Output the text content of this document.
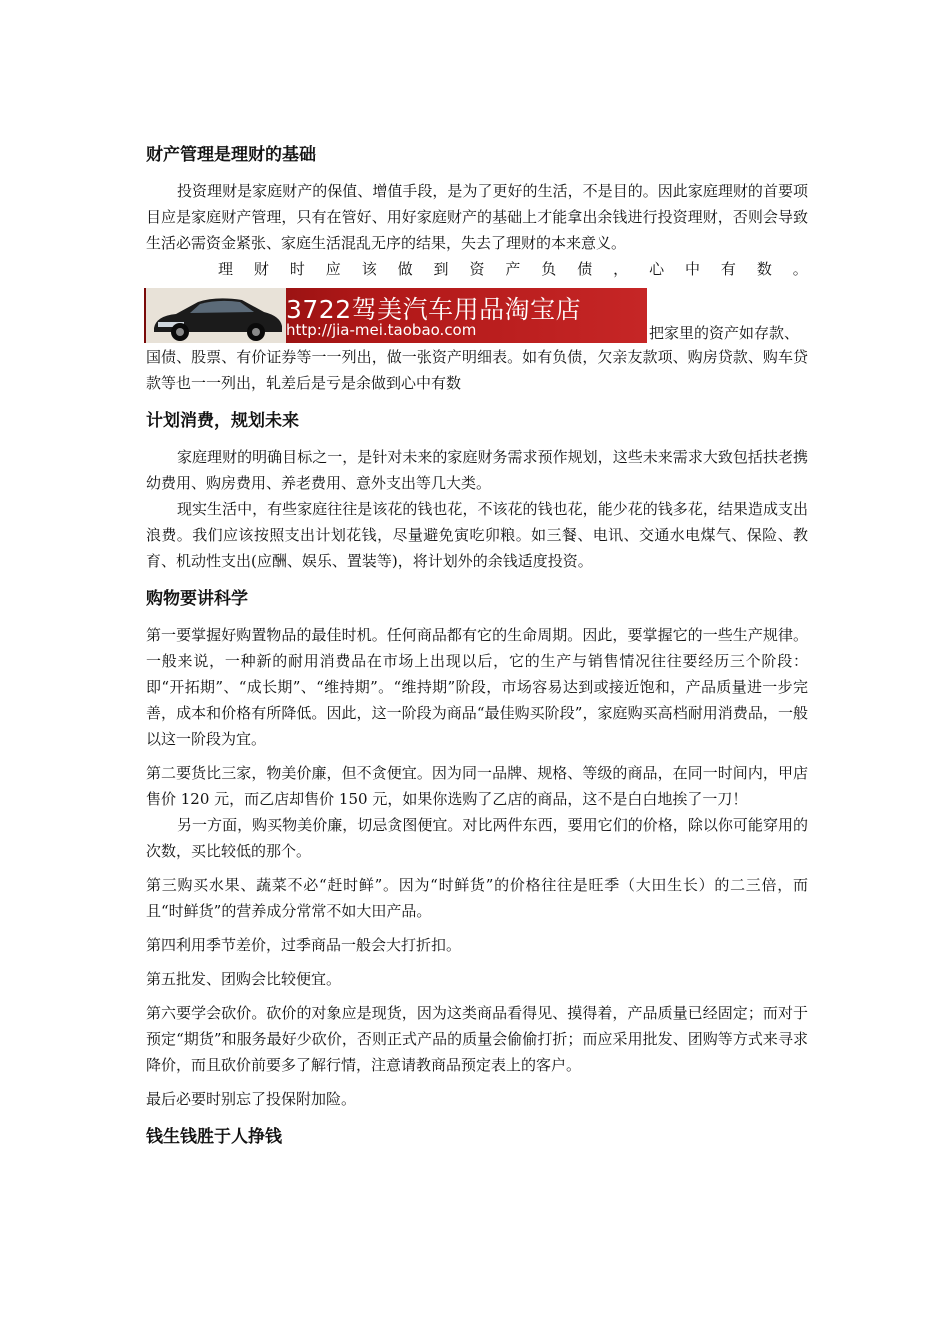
财产管理是理财的基础

投资理财是家庭财产的保值、增值手段，是为了更好的生活，不是目的。因此家庭理财的首要项目应是家庭财产管理，只有在管好、用好家庭财产的基础上才能拿出余钱进行投资理财，否则会导致生活必需资金紧张、家庭生活混乱无序的结果，失去了理财的本来意义。

理 财 时 应 该 做 到 资 产 负 债 ， 心 中 有 数 。
3722驾美汽车用品淘宝店
http://jia-mei.taobao.com	把家里的资产如存款、

国债、股票、有价证券等一一列出，做一张资产明细表。如有负债，欠亲友款项、购房贷款、购车贷款等也一一列出，轧差后是亏是余做到心中有数

计划消费，规划未来

家庭理财的明确目标之一，是针对未来的家庭财务需求预作规划，这些未来需求大致包括扶老携幼费用、购房费用、养老费用、意外支出等几大类。

现实生活中，有些家庭往往是该花的钱也花，不该花的钱也花，能少花的钱多花，结果造成支出浪费。我们应该按照支出计划花钱，尽量避免寅吃卯粮。如三餐、电讯、交通水电煤气、保险、教育、机动性支出(应酬、娱乐、置装等)，将计划外的余钱适度投资。

购物要讲科学

第一要掌握好购置物品的最佳时机。任何商品都有它的生命周期。因此，要掌握它的一些生产规律。一般来说，一种新的耐用消费品在市场上出现以后，它的生产与销售情况往往要经历三个阶段：即“开拓期”、“成长期”、“维持期”。“维持期”阶段，市场容易达到或接近饱和，产品质量进一步完善，成本和价格有所降低。因此，这一阶段为商品“最佳购买阶段”，家庭购买高档耐用消费品，一般以这一阶段为宜。

第二要货比三家，物美价廉，但不贪便宜。因为同一品牌、规格、等级的商品，在同一时间内，甲店售价 120 元，而乙店却售价 150 元，如果你选购了乙店的商品，这不是白白地挨了一刀！

另一方面，购买物美价廉，切忌贪图便宜。对比两件东西，要用它们的价格，除以你可能穿用的次数，买比较低的那个。

第三购买水果、蔬菜不必“赶时鲜”。因为“时鲜货”的价格往往是旺季（大田生长）的二三倍，而且“时鲜货”的营养成分常常不如大田产品。

第四利用季节差价，过季商品一般会大打折扣。

第五批发、团购会比较便宜。

第六要学会砍价。砍价的对象应是现货，因为这类商品看得见、摸得着，产品质量已经固定；而对于预定“期货”和服务最好少砍价，否则正式产品的质量会偷偷打折；而应采用批发、团购等方式来寻求降价，而且砍价前要多了解行情，注意请教商品预定表上的客户。

最后必要时别忘了投保附加险。

钱生钱胜于人挣钱
